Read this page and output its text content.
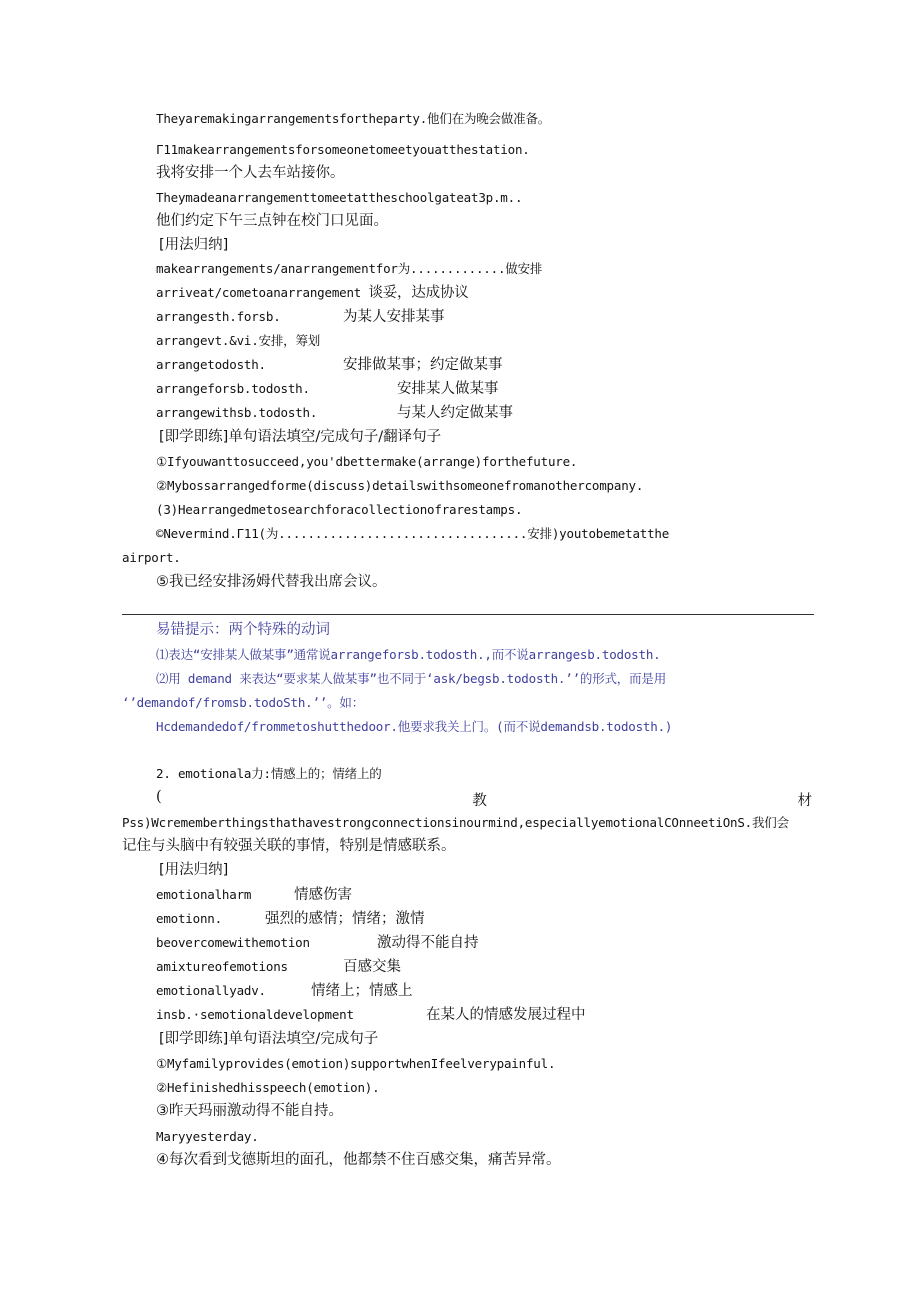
Theyaremakingarrangementsfortheparty.他们在为晚会做准备。
Γ11makearrangementsforsomeonetomeetyouatthestation.
我将安排一个人去车站接你。
Theymadeanarrangementtomeetattheschoolgateat3p.m..
他们约定下午三点钟在校门口见面。
[用法归纳]
makearrangements/anarrangementfor为.............做安排
arriveat/cometoanarrangement 谈妥，达成协议
arrangesth.forsb.	为某人安排某事
arrangevt.&vi.安排，筹划
arrangetodosth.	安排做某事；约定做某事
arrangeforsb.todosth.	安排某人做某事
arrangewithsb.todosth.	与某人约定做某事
[即学即练]单句语法填空/完成句子/翻译句子
①Ifyouwanttosucceed,you'dbettermake(arrange)forthefuture.
②Mybossarrangedforme(discuss)detailswithsomeonefromanothercompany.
(3)Hearrangedmetosearchforacollectionofrarestamps.
©Nevermind.Γ11(为..................................安排)youtobemetatthe
airport.
⑤我已经安排汤姆代替我出席会议。
易错提示：两个特殊的动词
⑴表达“安排某人做某事”通常说arrangeforsb.todosth.,而不说arrangesb.todosth.
⑵用 demand 来表达“要求某人做某事”也不同于ʻask/begsb.todosth.ʼʼ的形式，而是用
ʻʼdemandof/fromsb.todoSth.ʼʼ。如：
Hcdemandedof/frommetoshutthedoor.他要求我关上门。(而不说demandsb.todosth.)
2. emotionala力:情感上的；情绪上的
(	教	材
Pss)Wcrememberthingsthathavestrongconnectionsinourmind,especiallyemotionalCOnneetiOnS.我们会
记住与头脑中有较强关联的事情，特别是情感联系。
[用法归纳]
emotionalharm	情感伤害
emotionn.	强烈的感情；情绪；激情
beovercomewithemotion	激动得不能自持
amixtureofemotions	百感交集
emotionallyadv.	情绪上；情感上
insb.·semotionaldevelopment	在某人的情感发展过程中
[即学即练]单句语法填空/完成句子
①Myfamilyprovides(emotion)supportwhenIfeelverypainful.
②Hefinishedhisspeech(emotion).
③昨天玛丽激动得不能自持。
Maryyesterday.
④每次看到戈德斯坦的面孔，他都禁不住百感交集，痛苦异常。
